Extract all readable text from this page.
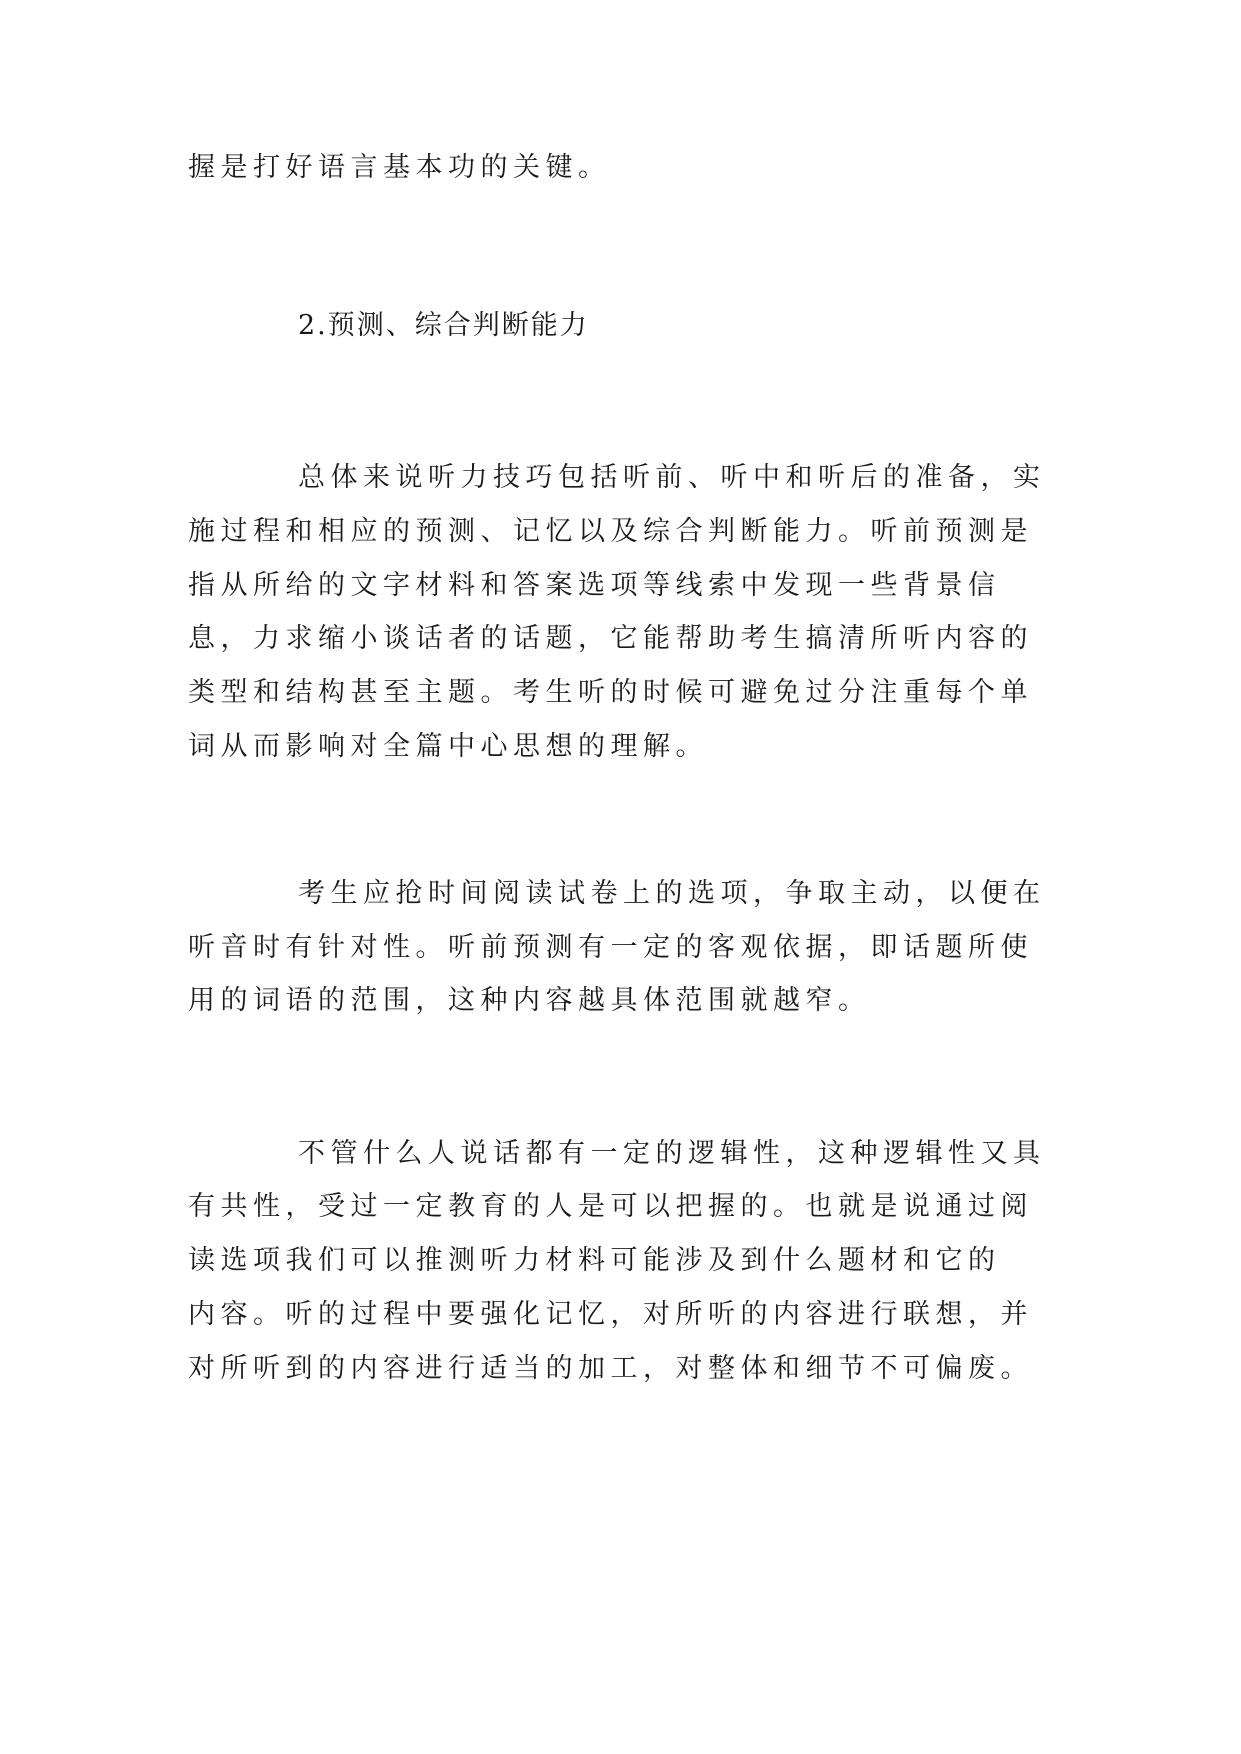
握是打好语言基本功的关键。
2.预测、综合判断能力
总体来说听力技巧包括听前、听中和听后的准备，实
施过程和相应的预测、记忆以及综合判断能力。听前预测是
指从所给的文字材料和答案选项等线索中发现一些背景信
息，力求缩小谈话者的话题，它能帮助考生搞清所听内容的
类型和结构甚至主题。考生听的时候可避免过分注重每个单
词从而影响对全篇中心思想的理解。
考生应抢时间阅读试卷上的选项，争取主动，以便在
听音时有针对性。听前预测有一定的客观依据，即话题所使
用的词语的范围，这种内容越具体范围就越窄。
不管什么人说话都有一定的逻辑性，这种逻辑性又具
有共性，受过一定教育的人是可以把握的。也就是说通过阅
读选项我们可以推测听力材料可能涉及到什么题材和它的
内容。听的过程中要强化记忆，对所听的内容进行联想，并
对所听到的内容进行适当的加工，对整体和细节不可偏废。
